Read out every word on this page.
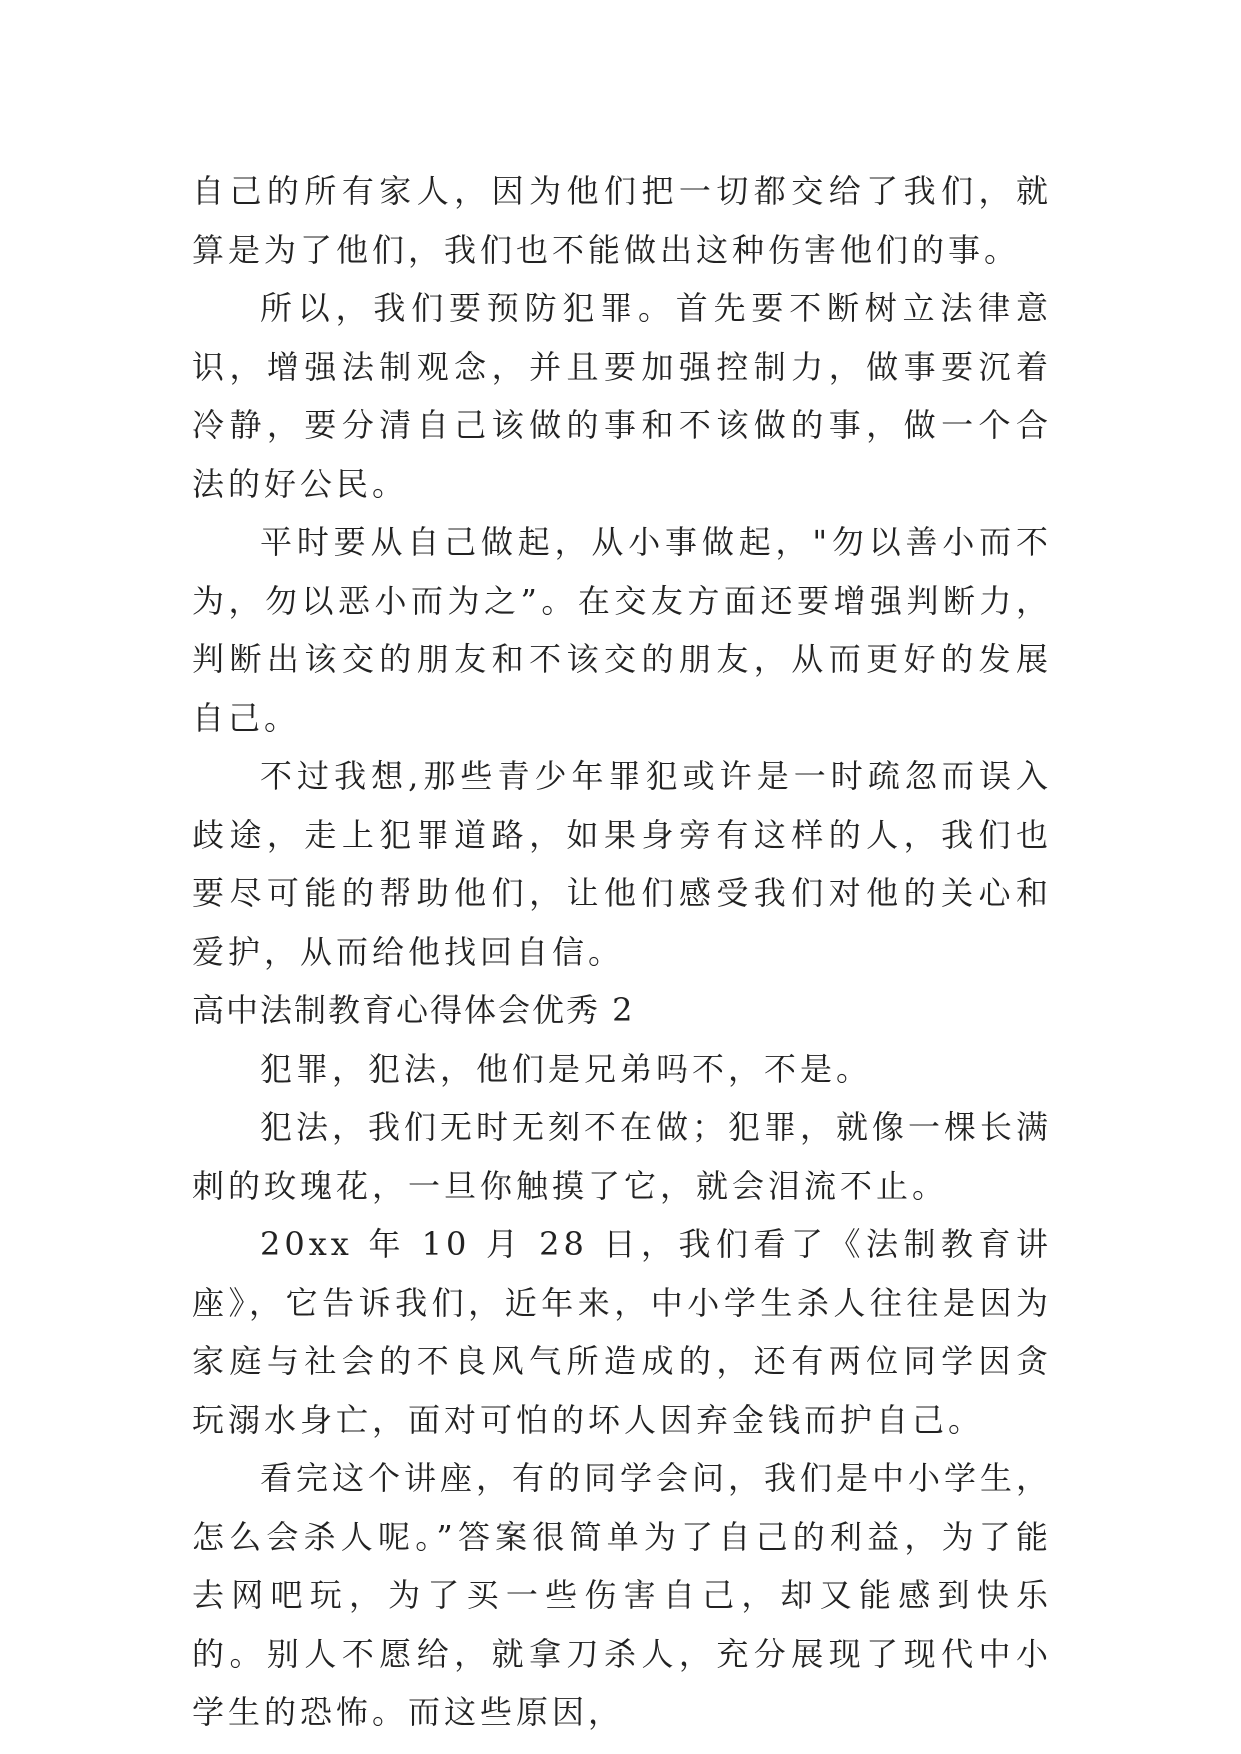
自己的所有家人，因为他们把一切都交给了我们，就算是为了他们，我们也不能做出这种伤害他们的事。

所以，我们要预防犯罪。首先要不断树立法律意识，增强法制观念，并且要加强控制力，做事要沉着冷静，要分清自己该做的事和不该做的事，做一个合法的好公民。

平时要从自己做起，从小事做起，"勿以善小而不为，勿以恶小而为之”。在交友方面还要增强判断力，判断出该交的朋友和不该交的朋友，从而更好的发展自己。

不过我想,那些青少年罪犯或许是一时疏忽而误入歧途，走上犯罪道路，如果身旁有这样的人，我们也要尽可能的帮助他们，让他们感受我们对他的关心和爱护，从而给他找回自信。

高中法制教育心得体会优秀 2

犯罪，犯法，他们是兄弟吗不，不是。

犯法，我们无时无刻不在做；犯罪，就像一棵长满刺的玫瑰花，一旦你触摸了它，就会泪流不止。

20xx 年 10 月 28 日，我们看了《法制教育讲座》，它告诉我们，近年来，中小学生杀人往往是因为家庭与社会的不良风气所造成的，还有两位同学因贪玩溺水身亡，面对可怕的坏人因弃金钱而护自己。

看完这个讲座，有的同学会问，我们是中小学生，怎么会杀人呢。”答案很简单为了自己的利益，为了能去网吧玩，为了买一些伤害自己，却又能感到快乐的。别人不愿给，就拿刀杀人，充分展现了现代中小学生的恐怖。而这些原因，
